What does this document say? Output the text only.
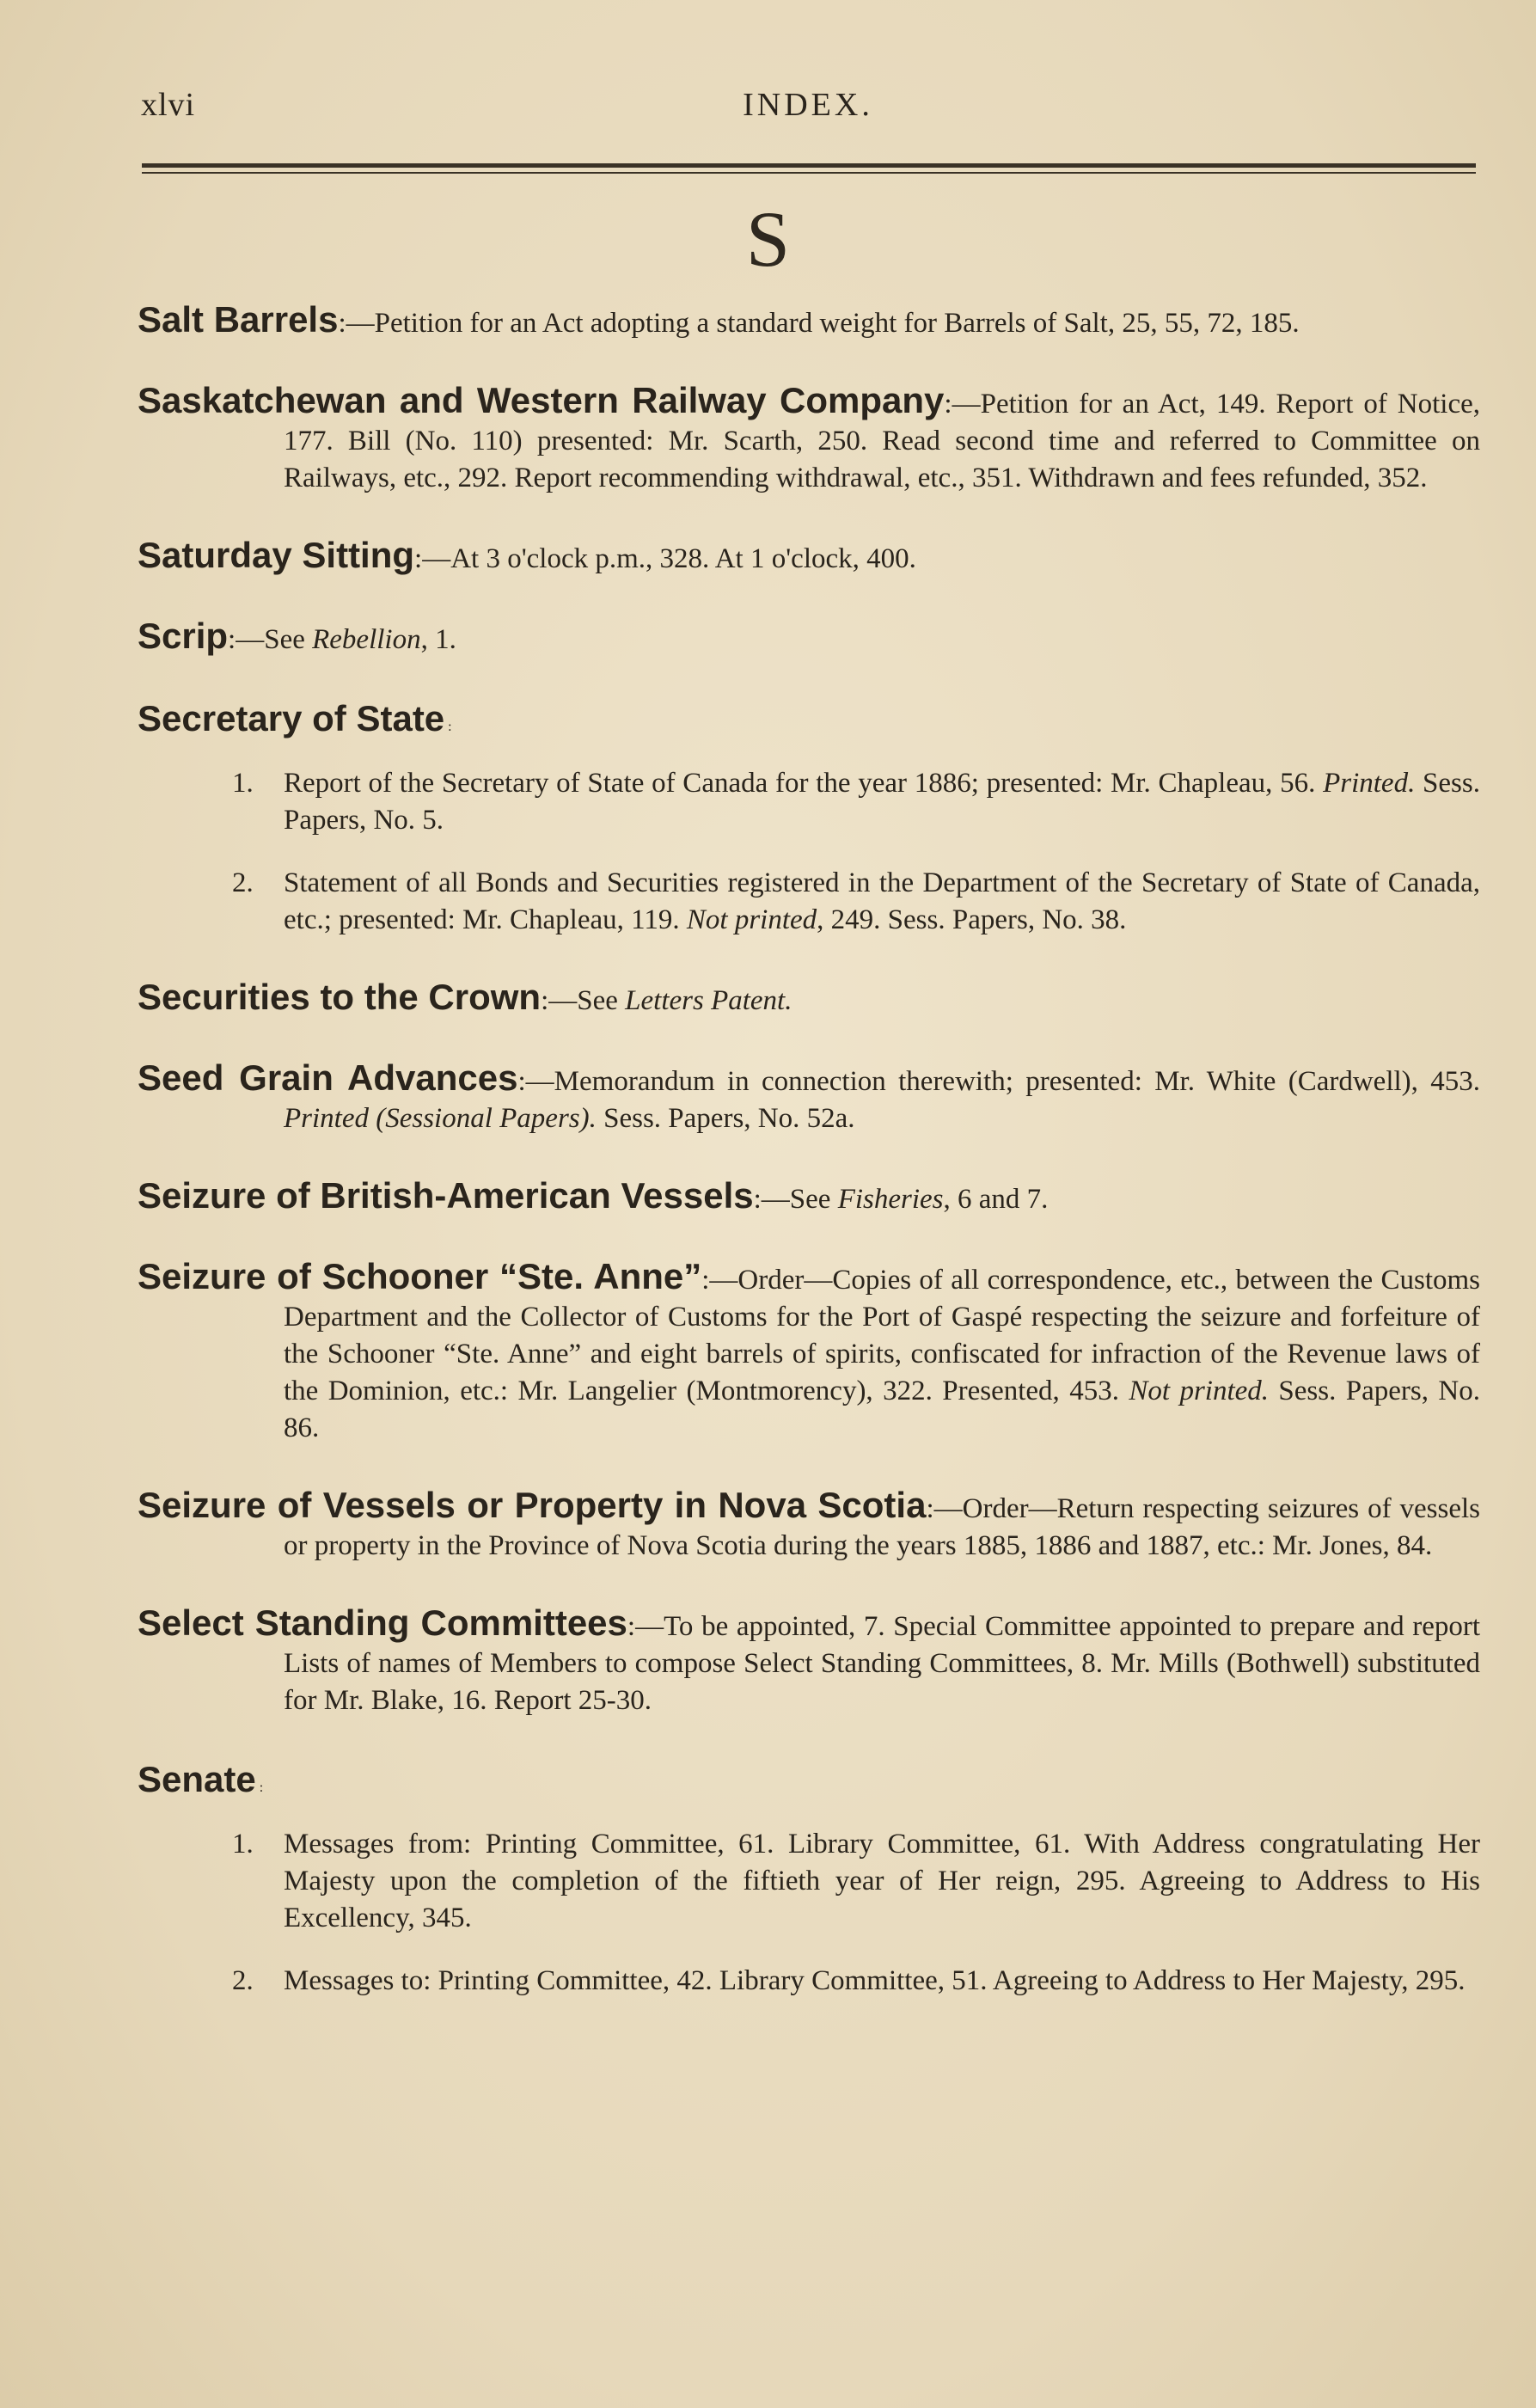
xlvi	INDEX.
S

Salt Barrels:—Petition for an Act adopting a standard weight for Barrels of Salt, 25, 55, 72, 185.

Saskatchewan and Western Railway Company:—Petition for an Act, 149. Report of Notice, 177. Bill (No. 110) presented: Mr. Scarth, 250. Read second time and referred to Committee on Railways, etc., 292. Report recommending withdrawal, etc., 351. Withdrawn and fees refunded, 352.

Saturday Sitting:—At 3 o'clock p.m., 328. At 1 o'clock, 400.

Scrip:—See Rebellion, 1.

Secretary of State :

1. Report of the Secretary of State of Canada for the year 1886; presented: Mr. Chapleau, 56. Printed. Sess. Papers, No. 5.

2. Statement of all Bonds and Securities registered in the Department of the Secretary of State of Canada, etc.; presented: Mr. Chapleau, 119. Not printed, 249. Sess. Papers, No. 38.

Securities to the Crown:—See Letters Patent.

Seed Grain Advances:—Memorandum in connection therewith; presented: Mr. White (Cardwell), 453. Printed (Sessional Papers). Sess. Papers, No. 52a.

Seizure of British-American Vessels:—See Fisheries, 6 and 7.

Seizure of Schooner “Ste. Anne”:—Order—Copies of all correspondence, etc., between the Customs Department and the Collector of Customs for the Port of Gaspé respecting the seizure and forfeiture of the Schooner “Ste. Anne” and eight barrels of spirits, confiscated for infraction of the Revenue laws of the Dominion, etc.: Mr. Langelier (Montmorency), 322. Presented, 453. Not printed. Sess. Papers, No. 86.

Seizure of Vessels or Property in Nova Scotia:—Order—Return respecting seizures of vessels or property in the Province of Nova Scotia during the years 1885, 1886 and 1887, etc.: Mr. Jones, 84.

Select Standing Committees:—To be appointed, 7. Special Committee appointed to prepare and report Lists of names of Members to compose Select Standing Committees, 8. Mr. Mills (Bothwell) substituted for Mr. Blake, 16. Report 25-30.

Senate :

1. Messages from: Printing Committee, 61. Library Committee, 61. With Address congratulating Her Majesty upon the completion of the fiftieth year of Her reign, 295. Agreeing to Address to His Excellency, 345.

2. Messages to: Printing Committee, 42. Library Committee, 51. Agreeing to Address to Her Majesty, 295.
